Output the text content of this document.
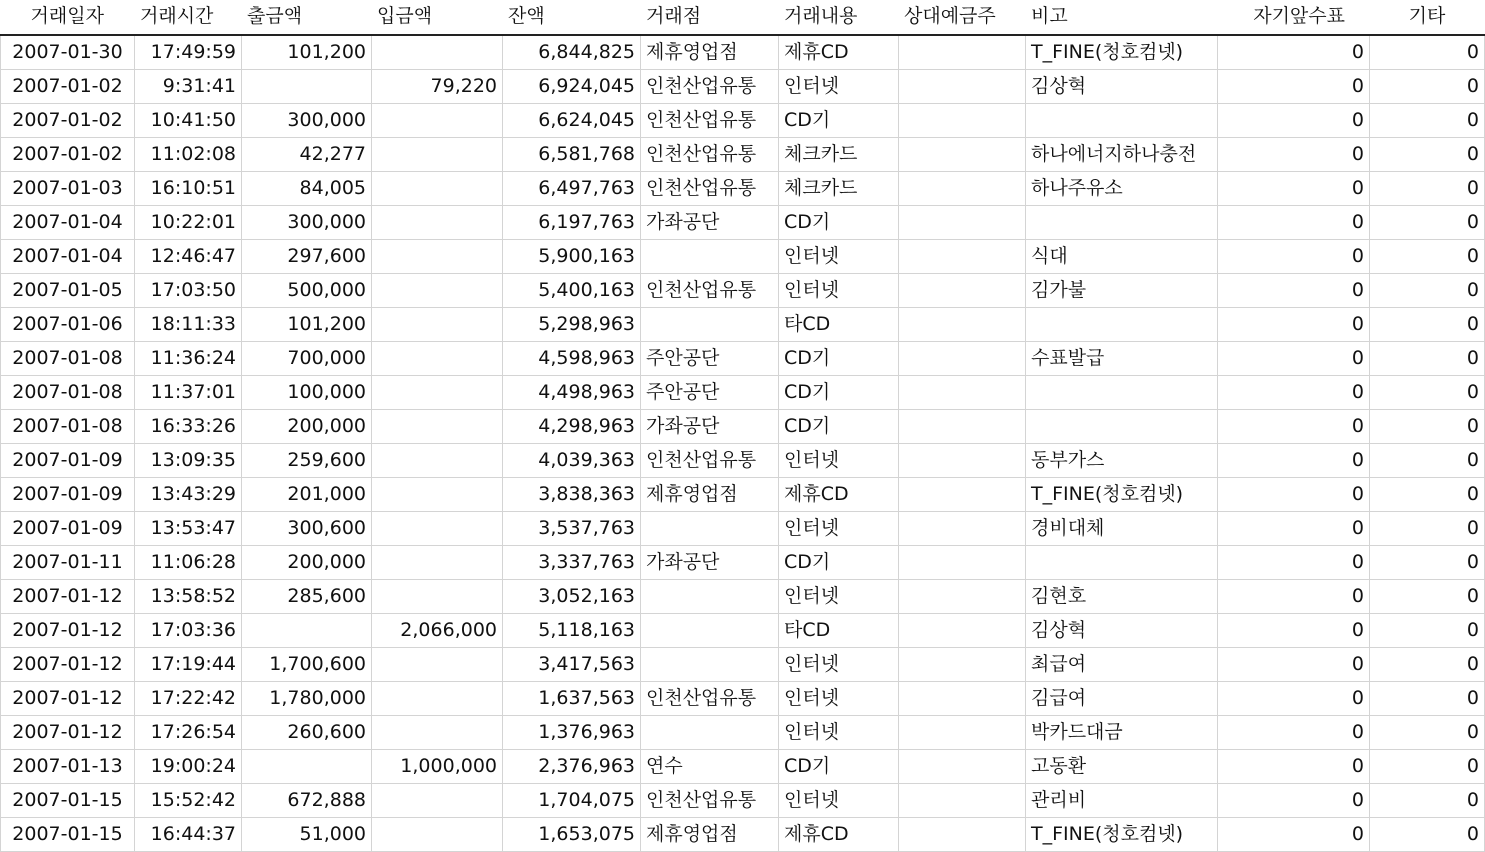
거래일자	거래시간	출금액	입금액	잔액	거래점	거래내용	상대예금주	비고	자기앞수표	기타
2007-01-30	17:49:59	101,200		6,844,825	제휴영업점	제휴CD		T_FINE(청호컴넷)	0	0
2007-01-02	9:31:41		79,220	6,924,045	인천산업유통	인터넷		김상혁	0	0
2007-01-02	10:41:50	300,000		6,624,045	인천산업유통	CD기			0	0
2007-01-02	11:02:08	42,277		6,581,768	인천산업유통	체크카드		하나에너지하나충전	0	0
2007-01-03	16:10:51	84,005		6,497,763	인천산업유통	체크카드		하나주유소	0	0
2007-01-04	10:22:01	300,000		6,197,763	가좌공단	CD기			0	0
2007-01-04	12:46:47	297,600		5,900,163		인터넷		식대	0	0
2007-01-05	17:03:50	500,000		5,400,163	인천산업유통	인터넷		김가불	0	0
2007-01-06	18:11:33	101,200		5,298,963		타CD			0	0
2007-01-08	11:36:24	700,000		4,598,963	주안공단	CD기		수표발급	0	0
2007-01-08	11:37:01	100,000		4,498,963	주안공단	CD기			0	0
2007-01-08	16:33:26	200,000		4,298,963	가좌공단	CD기			0	0
2007-01-09	13:09:35	259,600		4,039,363	인천산업유통	인터넷		동부가스	0	0
2007-01-09	13:43:29	201,000		3,838,363	제휴영업점	제휴CD		T_FINE(청호컴넷)	0	0
2007-01-09	13:53:47	300,600		3,537,763		인터넷		경비대체	0	0
2007-01-11	11:06:28	200,000		3,337,763	가좌공단	CD기			0	0
2007-01-12	13:58:52	285,600		3,052,163		인터넷		김현호	0	0
2007-01-12	17:03:36		2,066,000	5,118,163		타CD		김상혁	0	0
2007-01-12	17:19:44	1,700,600		3,417,563		인터넷		최급여	0	0
2007-01-12	17:22:42	1,780,000		1,637,563	인천산업유통	인터넷		김급여	0	0
2007-01-12	17:26:54	260,600		1,376,963		인터넷		박카드대금	0	0
2007-01-13	19:00:24		1,000,000	2,376,963	연수	CD기		고동환	0	0
2007-01-15	15:52:42	672,888		1,704,075	인천산업유통	인터넷		관리비	0	0
2007-01-15	16:44:37	51,000		1,653,075	제휴영업점	제휴CD		T_FINE(청호컴넷)	0	0
